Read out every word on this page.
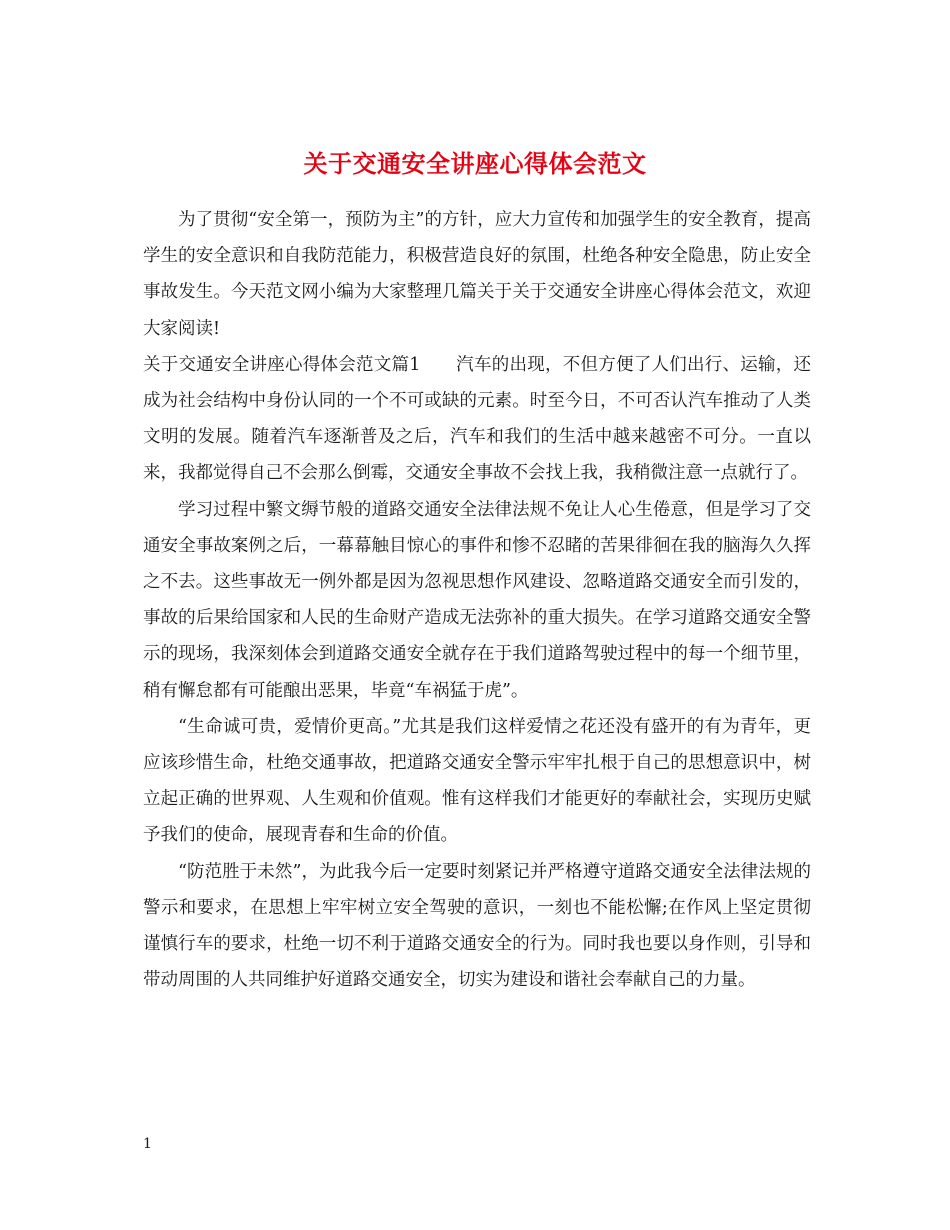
关于交通安全讲座心得体会范文

为了贯彻“安全第一，预防为主”的方针，应大力宣传和加强学生的安全教育，提高学生的安全意识和自我防范能力，积极营造良好的氛围，杜绝各种安全隐患，防止安全事故发生。今天范文网小编为大家整理几篇关于关于交通安全讲座心得体会范文，欢迎大家阅读!

关于交通安全讲座心得体会范文篇1　　汽车的出现，不但方便了人们出行、运输，还成为社会结构中身份认同的一个不可或缺的元素。时至今日，不可否认汽车推动了人类文明的发展。随着汽车逐渐普及之后，汽车和我们的生活中越来越密不可分。一直以来，我都觉得自己不会那么倒霉，交通安全事故不会找上我，我稍微注意一点就行了。

学习过程中繁文缛节般的道路交通安全法律法规不免让人心生倦意，但是学习了交通安全事故案例之后，一幕幕触目惊心的事件和惨不忍睹的苦果徘徊在我的脑海久久挥之不去。这些事故无一例外都是因为忽视思想作风建设、忽略道路交通安全而引发的，事故的后果给国家和人民的生命财产造成无法弥补的重大损失。在学习道路交通安全警示的现场，我深刻体会到道路交通安全就存在于我们道路驾驶过程中的每一个细节里，稍有懈怠都有可能酿出恶果，毕竟“车祸猛于虎”。

“生命诚可贵，爱情价更高。”尤其是我们这样爱情之花还没有盛开的有为青年，更应该珍惜生命，杜绝交通事故，把道路交通安全警示牢牢扎根于自己的思想意识中，树立起正确的世界观、人生观和价值观。惟有这样我们才能更好的奉献社会，实现历史赋予我们的使命，展现青春和生命的价值。

“防范胜于未然”，为此我今后一定要时刻紧记并严格遵守道路交通安全法律法规的警示和要求，在思想上牢牢树立安全驾驶的意识，一刻也不能松懈;在作风上坚定贯彻谨慎行车的要求，杜绝一切不利于道路交通安全的行为。同时我也要以身作则，引导和带动周围的人共同维护好道路交通安全，切实为建设和谐社会奉献自己的力量。

1
